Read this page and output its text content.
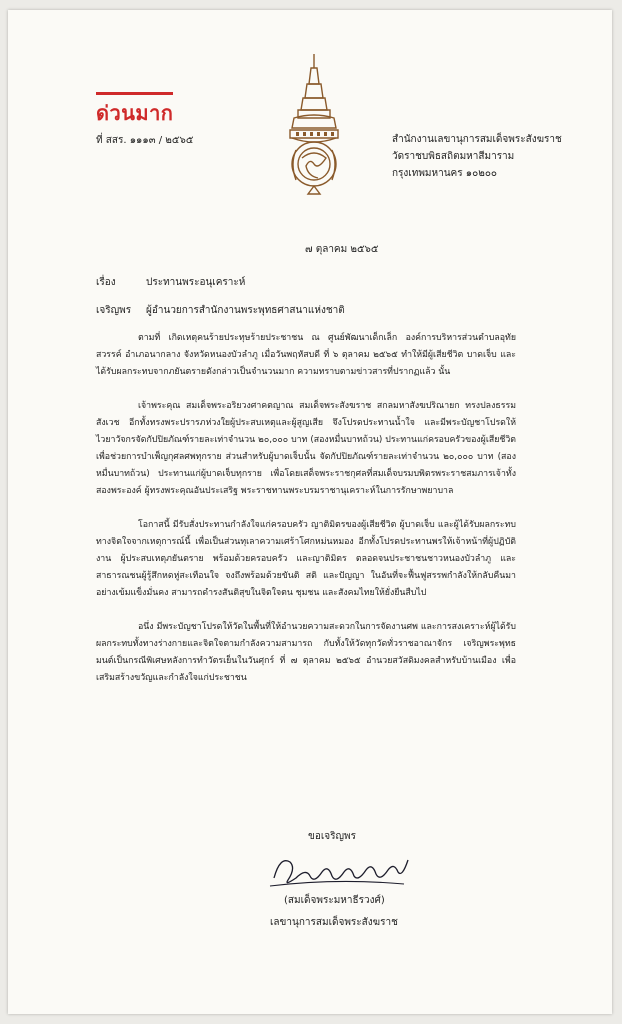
ด่วนมาก
ที่ สสร. ๑๑๑๓ / ๒๕๖๕	สำนักงานเลขานุการสมเด็จพระสังฆราช
วัดราชบพิธสถิตมหาสีมาราม
กรุงเทพมหานคร ๑๐๒๐๐
๗ ตุลาคม ๒๕๖๕
เรื่อง	ประทานพระอนุเคราะห์
เจริญพร ผู้อำนวยการสำนักงานพระพุทธศาสนาแห่งชาติ

ตามที่ เกิดเหตุคนร้ายประทุษร้ายประชาชน ณ ศูนย์พัฒนาเด็กเล็ก องค์การบริหารส่วนตำบลอุทัยสวรรค์ อำเภอนากลาง จังหวัดหนองบัวลำภู เมื่อวันพฤหัสบดี ที่ ๖ ตุลาคม ๒๕๖๕ ทำให้มีผู้เสียชีวิต บาดเจ็บ และได้รับผลกระทบจากภยันตรายดังกล่าวเป็นจำนวนมาก ความทราบตามข่าวสารที่ปรากฏแล้ว นั้น

เจ้าพระคุณ สมเด็จพระอริยวงศาคตญาณ สมเด็จพระสังฆราช สกลมหาสังฆปริณายก ทรงปลงธรรมสังเวช อีกทั้งทรงพระปรารภห่วงใยผู้ประสบเหตุและผู้สูญเสีย จึงโปรดประทานน้ำใจ และมีพระบัญชาโปรดให้ไวยาวัจกรจัดกัปปิยภัณฑ์รายละเท่าจำนวน ๒๐,๐๐๐ บาท (สองหมื่นบาทถ้วน) ประทานแก่ครอบครัวของผู้เสียชีวิต เพื่อช่วยการบำเพ็ญกุศลศพทุกราย ส่วนสำหรับผู้บาดเจ็บนั้น จัดกัปปิยภัณฑ์รายละเท่าจำนวน ๒๐,๐๐๐ บาท (สองหมื่นบาทถ้วน) ประทานแก่ผู้บาดเจ็บทุกราย เพื่อโดยเสด็จพระราชกุศลที่สมเด็จบรมบพิตรพระราชสมภารเจ้าทั้งสองพระองค์ ผู้ทรงพระคุณอันประเสริฐ พระราชทานพระบรมราชานุเคราะห์ในการรักษาพยาบาล

โอกาสนี้ มีรับสั่งประทานกำลังใจแก่ครอบครัว ญาติมิตรของผู้เสียชีวิต ผู้บาดเจ็บ และผู้ได้รับผลกระทบทางจิตใจจากเหตุการณ์นี้ เพื่อเป็นส่วนทุเลาความเศร้าโศกหม่นหมอง อีกทั้งโปรดประทานพรให้เจ้าหน้าที่ผู้ปฏิบัติงาน ผู้ประสบเหตุภยันตราย พร้อมด้วยครอบครัว และญาติมิตร ตลอดจนประชาชนชาวหนองบัวลำภู และสาธารณชนผู้รู้สึกหดหู่สะเทือนใจ จงถึงพร้อมด้วยขันติ สติ และปัญญา ในอันที่จะฟื้นฟูสรรพกำลังให้กลับคืนมาอย่างเข้มแข็งมั่นคง สามารถดำรงสันติสุขในจิตใจตน ชุมชน และสังคมไทยให้ยั่งยืนสืบไป

อนึ่ง มีพระบัญชาโปรดให้วัดในพื้นที่ให้อำนวยความสะดวกในการจัดงานศพ และการสงเคราะห์ผู้ได้รับผลกระทบทั้งทางร่างกายและจิตใจตามกำลังความสามารถ กับทั้งให้วัดทุกวัดทั่วราชอาณาจักร เจริญพระพุทธมนต์เป็นกรณีพิเศษหลังการทำวัตรเย็นในวันศุกร์ ที่ ๗ ตุลาคม ๒๕๖๕ อำนวยสวัสดิมงคลสำหรับบ้านเมือง เพื่อเสริมสร้างขวัญและกำลังใจแก่ประชาชน

ขอเจริญพร
(สมเด็จพระมหาธีรวงศ์)
เลขานุการสมเด็จพระสังฆราช
